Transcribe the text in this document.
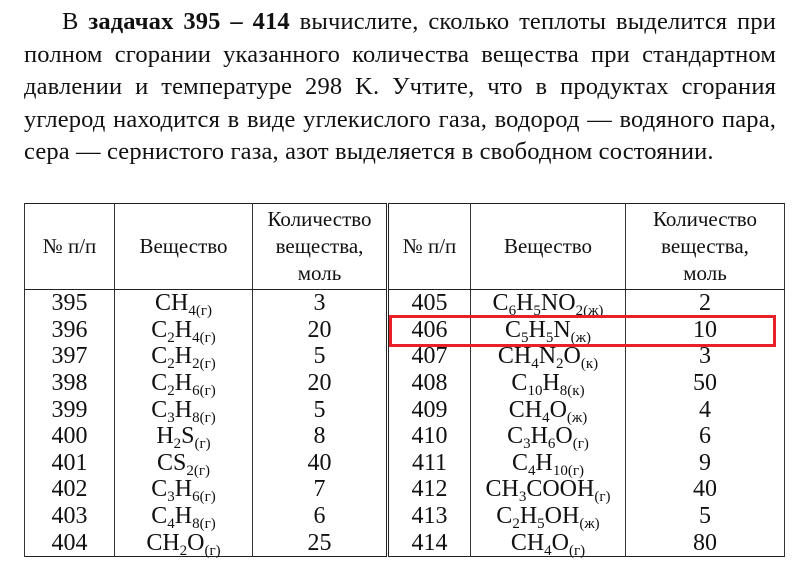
В задачах 395 – 414 вычислите, сколько теплоты выделится при полном сгорании указанного количества вещества при стандартном давлении и температуре 298 K. Учтите, что в продуктах сгорания углерод находится в виде углекислого газа, водород — водяного пара, сера — сернистого газа, азот выделяется в свободном состоянии.

№ п/п	Вещество	Количество
вещества,
моль	№ п/п	Вещество	Количество
вещества,
моль
395	$CH_{4(г)}$	3	405	$C_6H_5NO_{2(ж)}$	2
396	$C_2H_{4(г)}$	20	406	$C_5H_5N_{(ж)}$	10
397	$C_2H_{2(г)}$	5	407	$CH_4N_2O_{(к)}$	3
398	$C_2H_{6(г)}$	20	408	$C_{10}H_{8(к)}$	50
399	$C_3H_{8(г)}$	5	409	$CH_4O_{(ж)}$	4
400	$H_2S_{(г)}$	8	410	$C_3H_6O_{(г)}$	6
401	$CS_{2(г)}$	40	411	$C_4H_{10(г)}$	9
402	$C_3H_{6(г)}$	7	412	$CH_3COOH_{(г)}$	40
403	$C_4H_{8(г)}$	6	413	$C_2H_5OH_{(ж)}$	5
404	$CH_2O_{(г)}$	25	414	$CH_4O_{(г)}$	80
